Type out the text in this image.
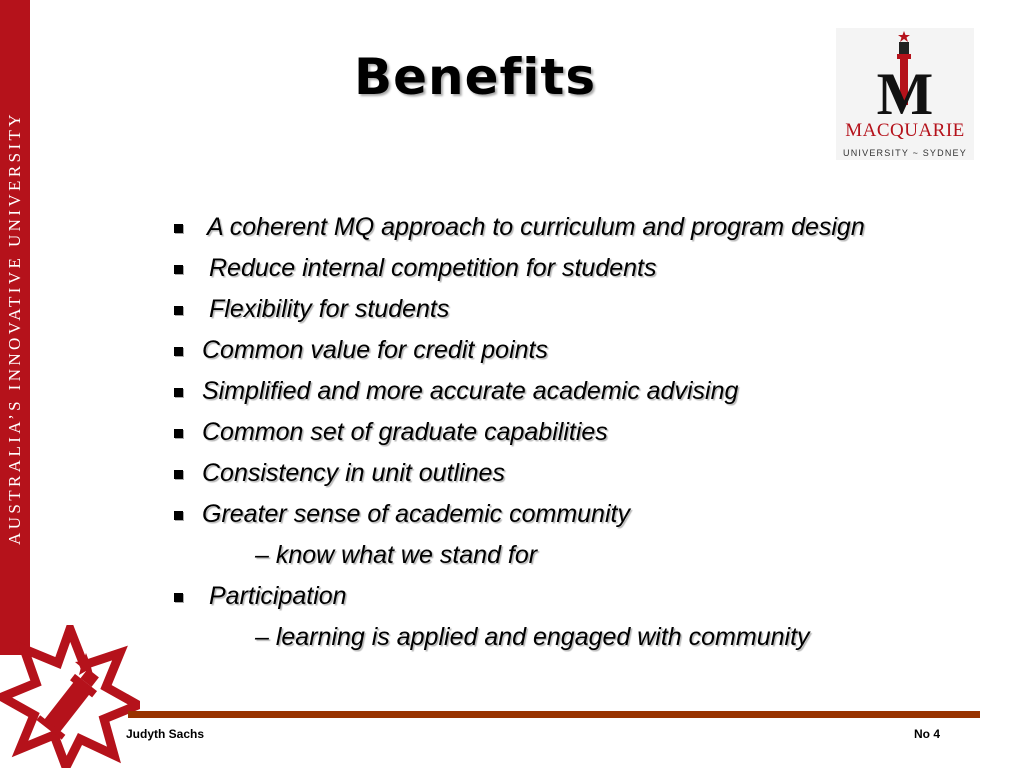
AUSTRALIA’S INNOVATIVE UNIVERSITY
Benefits	M
MACQUARIE
UNIVERSITY ~ SYDNEY
A coherent MQ approach to curriculum and program design
Reduce internal competition for students
Flexibility for students
Common value for credit points
Simplified and more accurate academic advising
Common set of graduate capabilities
Consistency in unit outlines
Greater sense of academic community
– know what we stand for
Participation
– learning is applied and engaged with community
Judyth Sachs	No 4
